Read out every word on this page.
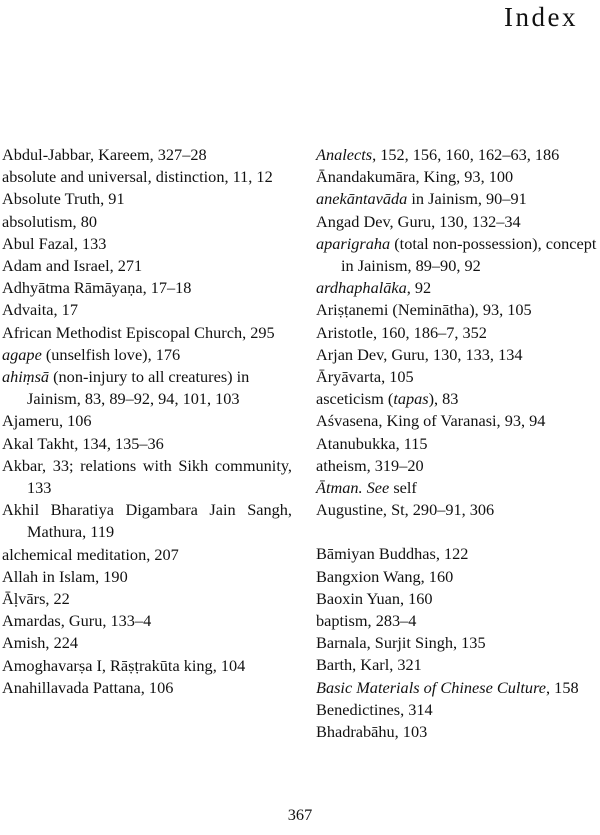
Index

Abdul-Jabbar, Kareem, 327–28

absolute and universal, distinction, 11, 12

Absolute Truth, 91

absolutism, 80

Abul Fazal, 133

Adam and Israel, 271

Adhyātma Rāmāyaṇa, 17–18

Advaita, 17

African Methodist Episcopal Church, 295

agape (unselfish love), 176

ahiṃsā (non-injury to all creatures) in Jainism, 83, 89–92, 94, 101, 103

Ajameru, 106

Akal Takht, 134, 135–36

Akbar, 33; relations with Sikh community, 133

Akhil Bharatiya Digambara Jain Sangh, Mathura, 119

alchemical meditation, 207

Allah in Islam, 190

Āḷvārs, 22

Amardas, Guru, 133–4

Amish, 224

Amoghavarṣa I, Rāṣṭrakūta king, 104

Anahillavada Pattana, 106

Analects, 152, 156, 160, 162–63, 186

Ānandakumāra, King, 93, 100

anekāntavāda in Jainism, 90–91

Angad Dev, Guru, 130, 132–34

aparigraha (total non-possession), concept in Jainism, 89–90, 92

ardhaphalāka, 92

Ariṣṭanemi (Neminātha), 93, 105

Aristotle, 160, 186–7, 352

Arjan Dev, Guru, 130, 133, 134

Āryāvarta, 105

asceticism (tapas), 83

Aśvasena, King of Varanasi, 93, 94

Atanubukka, 115

atheism, 319–20

Ātman. See self

Augustine, St, 290–91, 306

Bāmiyan Buddhas, 122

Bangxion Wang, 160

Baoxin Yuan, 160

baptism, 283–4

Barnala, Surjit Singh, 135

Barth, Karl, 321

Basic Materials of Chinese Culture, 158

Benedictines, 314

Bhadrabāhu, 103

367
